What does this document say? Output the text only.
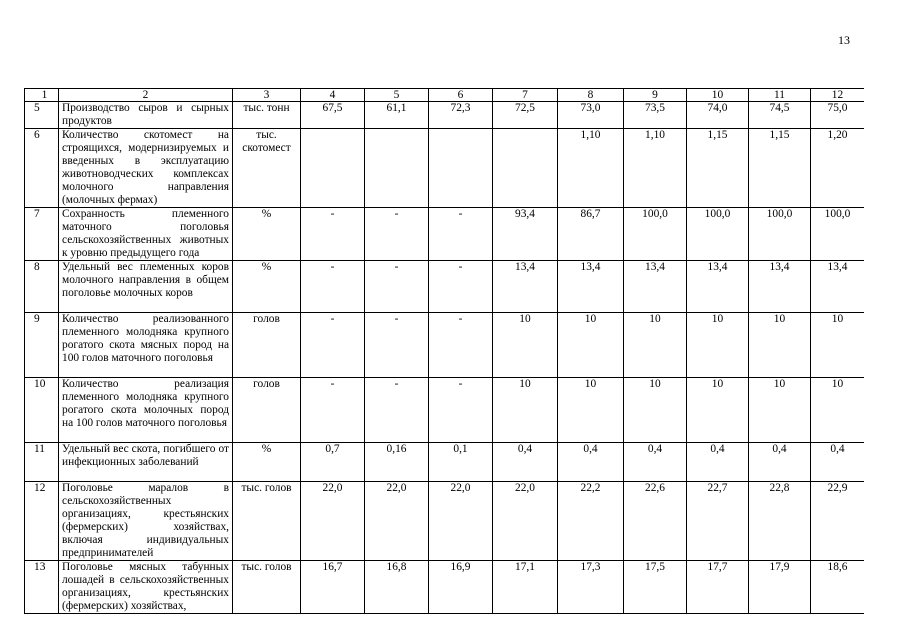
13
1	2	3	4	5	6	7	8	9	10	11	12
5	Производство сыров и сырных продуктов	тыс. тонн	67,5	61,1	72,3	72,5	73,0	73,5	74,0	74,5	75,0
6	Количество скотомест на строящихся, модернизируемых и введенных в эксплуатацию животноводческих комплексах молочного направления (молочных фермах)	тыс. скотомест					1,10	1,10	1,15	1,15	1,20
7	Сохранность племенного маточного поголовья сельскохозяйственных животных к уровню предыдущего года	%	-	-	-	93,4	86,7	100,0	100,0	100,0	100,0
8	Удельный вес племенных коров молочного направления в общем поголовье молочных коров	%	-	-	-	13,4	13,4	13,4	13,4	13,4	13,4
9	Количество реализованного племенного молодняка крупного рогатого скота мясных пород на 100 голов маточного поголовья	голов	-	-	-	10	10	10	10	10	10
10	Количество реализация племенного молодняка крупного рогатого скота молочных пород на 100 голов маточного поголовья	голов	-	-	-	10	10	10	10	10	10
11	Удельный вес скота, погибшего от инфекционных заболеваний	%	0,7	0,16	0,1	0,4	0,4	0,4	0,4	0,4	0,4
12	Поголовье маралов в сельскохозяйственных организациях, крестьянских (фермерских) хозяйствах, включая индивидуальных предпринимателей	тыс. голов	22,0	22,0	22,0	22,0	22,2	22,6	22,7	22,8	22,9
13	Поголовье мясных табунных лошадей в сельскохозяйственных организациях, крестьянских (фермерских) хозяйствах,	тыс. голов	16,7	16,8	16,9	17,1	17,3	17,5	17,7	17,9	18,6
